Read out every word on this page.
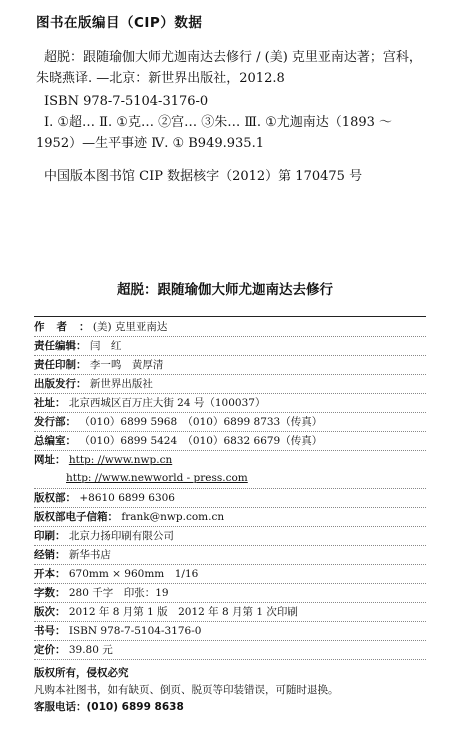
图书在版编目（CIP）数据
超脱：跟随瑜伽大师尤迦南达去修行 / (美) 克里亚南达著；宫科，朱晓燕译. —北京：新世界出版社，2012.8
ISBN 978-7-5104-3176-0
Ⅰ. ①超… Ⅱ. ①克… ②宫… ③朱… Ⅲ. ①尤迦南达（1893 ～ 1952）—生平事迹 Ⅳ. ① B949.935.1
中国版本图书馆 CIP 数据核字（2012）第 170475 号
超脱：跟随瑜伽大师尤迦南达去修行
作者： (美) 克里亚南达
责任编辑： 闫　红
责任印制： 李一鸣　黄厚清
出版发行： 新世界出版社
社址： 北京西城区百万庄大街 24 号（100037）
发行部： （010）6899 5968　（010）6899 8733（传真）
总编室： （010）6899 5424　（010）6832 6679（传真）
网址： http: //www.nwp.cn
http: //www.newworld - press.com
版权部： +8610 6899 6306
版权部电子信箱： frank@nwp.com.cn
印刷： 北京力扬印刷有限公司
经销： 新华书店
开本： 670mm × 960mm　1/16
字数： 280 千字　印张：19
版次： 2012 年 8 月第 1 版　2012 年 8 月第 1 次印刷
书号： ISBN 978-7-5104-3176-0
定价： 39.80 元
版权所有，侵权必究
凡购本社图书，如有缺页、倒页、脱页等印装错误，可随时退换。
客服电话：(010) 6899 8638
